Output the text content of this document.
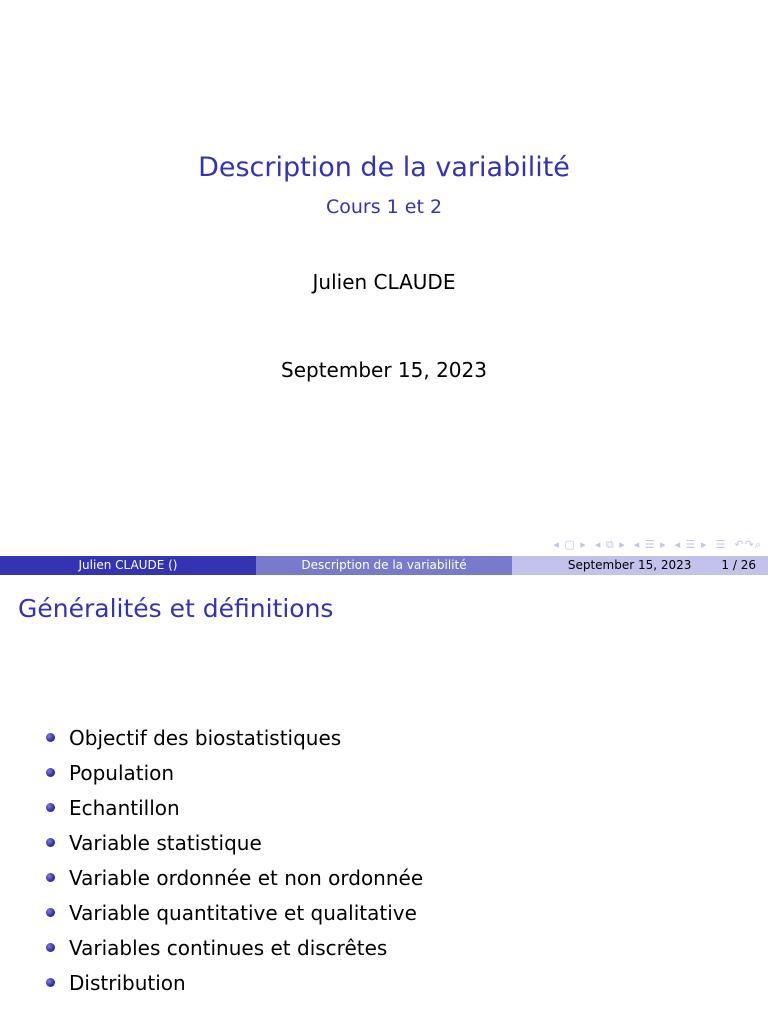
Description de la variabilité
Cours 1 et 2
Julien CLAUDE
September 15, 2023
◂ ▢ ▸ ◂ ⧉ ▸ ◂ ☰ ▸ ◂ ☰ ▸ ☰ ↶↷⌕
Julien CLAUDE ()	Description de la variabilité	September 15, 2023	1 / 26
Généralités et définitions
Objectif des biostatistiques
Population
Echantillon
Variable statistique
Variable ordonnée et non ordonnée
Variable quantitative et qualitative
Variables continues et discrêtes
Distribution
